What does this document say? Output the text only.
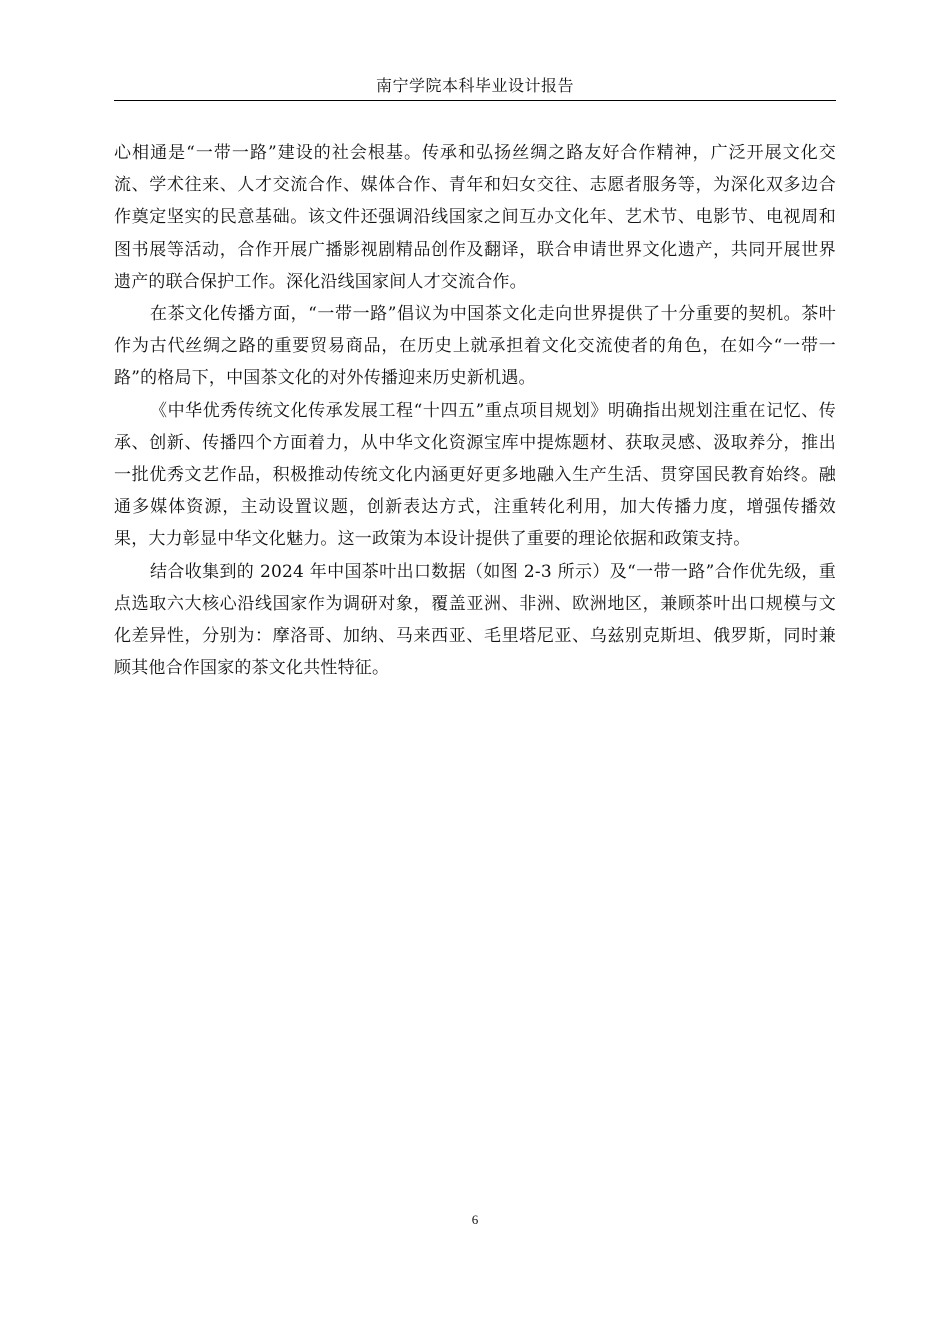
南宁学院本科毕业设计报告

心相通是“一带一路”建设的社会根基。传承和弘扬丝绸之路友好合作精神，广泛开展文化交流、学术往来、人才交流合作、媒体合作、青年和妇女交往、志愿者服务等，为深化双多边合作奠定坚实的民意基础。该文件还强调沿线国家之间互办文化年、艺术节、电影节、电视周和图书展等活动，合作开展广播影视剧精品创作及翻译，联合申请世界文化遗产，共同开展世界遗产的联合保护工作。深化沿线国家间人才交流合作。

在茶文化传播方面，“一带一路”倡议为中国茶文化走向世界提供了十分重要的契机。茶叶作为古代丝绸之路的重要贸易商品，在历史上就承担着文化交流使者的角色，在如今“一带一路”的格局下，中国茶文化的对外传播迎来历史新机遇。

《中华优秀传统文化传承发展工程“十四五”重点项目规划》明确指出规划注重在记忆、传承、创新、传播四个方面着力，从中华文化资源宝库中提炼题材、获取灵感、汲取养分，推出一批优秀文艺作品，积极推动传统文化内涵更好更多地融入生产生活、贯穿国民教育始终。融通多媒体资源，主动设置议题，创新表达方式，注重转化利用，加大传播力度，增强传播效果，大力彰显中华文化魅力。这一政策为本设计提供了重要的理论依据和政策支持。

结合收集到的 2024 年中国茶叶出口数据（如图 2-3 所示）及“一带一路”合作优先级，重点选取六大核心沿线国家作为调研对象，覆盖亚洲、非洲、欧洲地区，兼顾茶叶出口规模与文化差异性，分别为：摩洛哥、加纳、马来西亚、毛里塔尼亚、乌兹别克斯坦、俄罗斯，同时兼顾其他合作国家的茶文化共性特征。

6
